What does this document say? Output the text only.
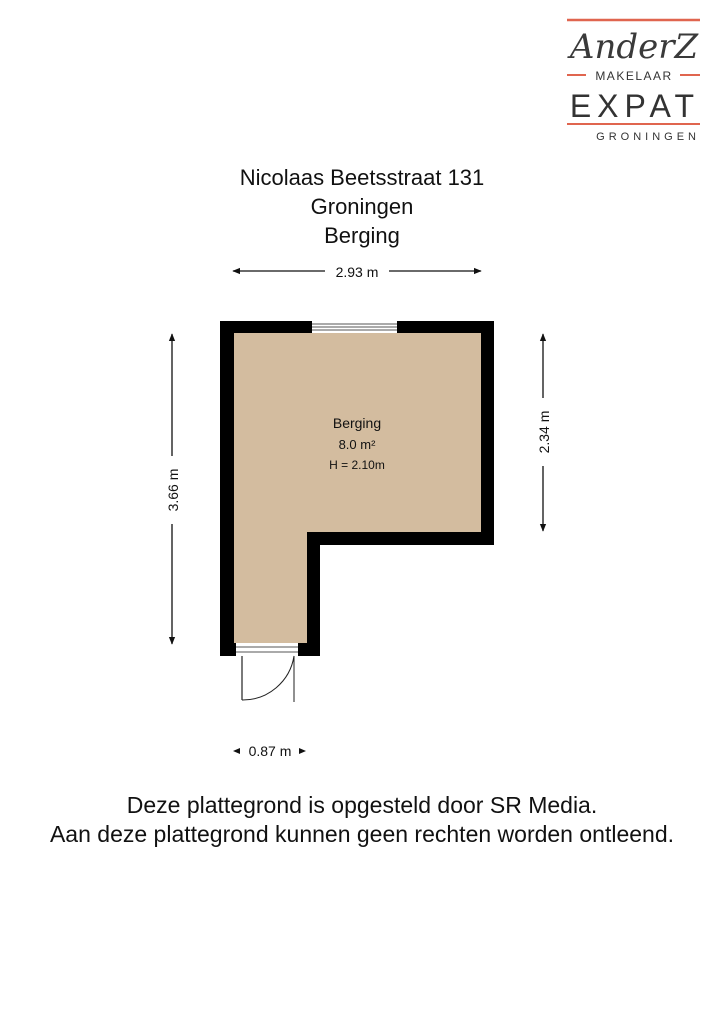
AnderZ
MAKELAAR
EXPAT
GRONINGEN
Nicolaas Beetsstraat 131
Groningen
Berging
Berging
8.0 m²
H = 2.10m
2.93 m
3.66 m
2.34 m
0.87 m
Deze plattegrond is opgesteld door SR Media.
Aan deze plattegrond kunnen geen rechten worden ontleend.
